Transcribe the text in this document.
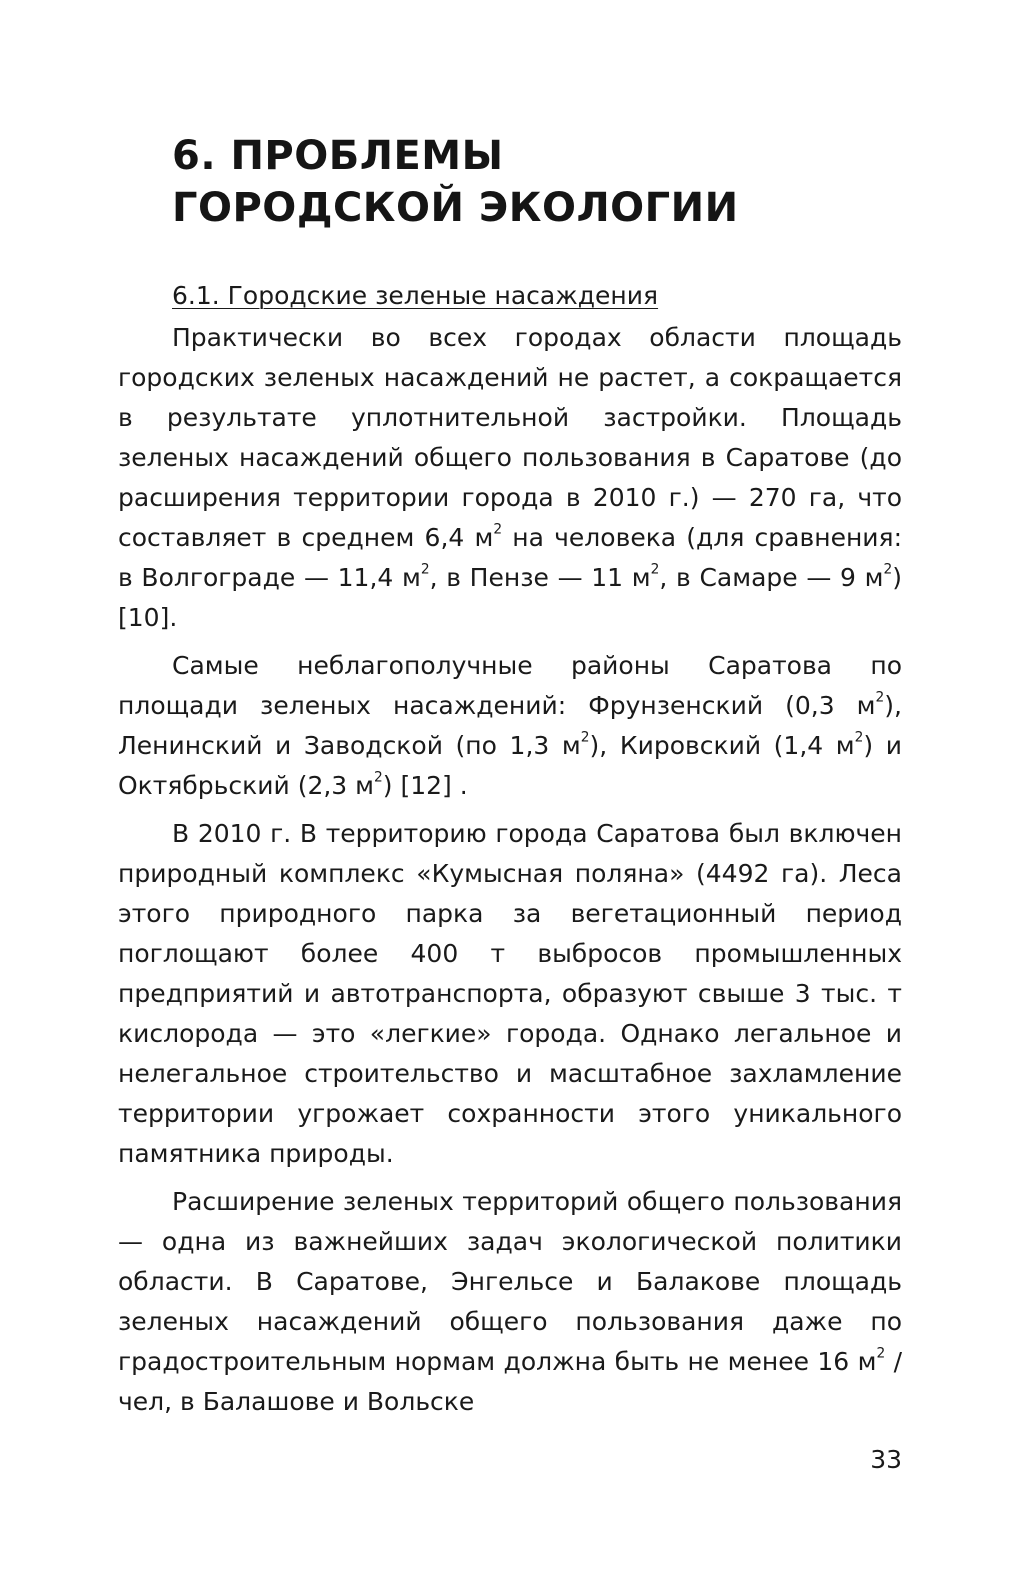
6. ПРОБЛЕМЫ
ГОРОДСКОЙ ЭКОЛОГИИ
6.1. Городские зеленые насаждения

Практически во всех городах области площадь городских зеленых насаждений не растет, а сокращается в результате уплотнительной застройки. Площадь зеленых насаждений общего пользования в Саратове (до расширения территории города в 2010 г.) — 270 га, что составляет в среднем 6,4 $м^2$ на человека (для сравнения: в Волгограде — 11,4 $м^2$, в Пензе — 11 $м^2$, в Самаре — 9 $м^2$) [10].

Самые неблагополучные районы Саратова по площади зеленых насаждений: Фрунзенский (0,3 $м^2$), Ленинский и Заводской (по 1,3 $м^2$), Кировский (1,4 $м^2$) и Октябрьский (2,3 $м^2$) [12] .

В 2010 г. В территорию города Саратова был включен природный комплекс «Кумысная поляна» (4492 га). Леса этого природного парка за вегетационный период поглощают более 400 т выбросов промышленных предприятий и автотранспорта, образуют свыше 3 тыс. т кислорода — это «легкие» города. Однако легальное и нелегальное строительство и масштабное захламление территории угрожает сохранности этого уникального памятника природы.

Расширение зеленых территорий общего пользования — одна из важнейших задач экологической политики области. В Саратове, Энгельсе и Балакове площадь зеленых насаждений общего пользования даже по градостроительным нормам должна быть не менее 16 $м^2$ / чел, в Балашове и Вольске

33
